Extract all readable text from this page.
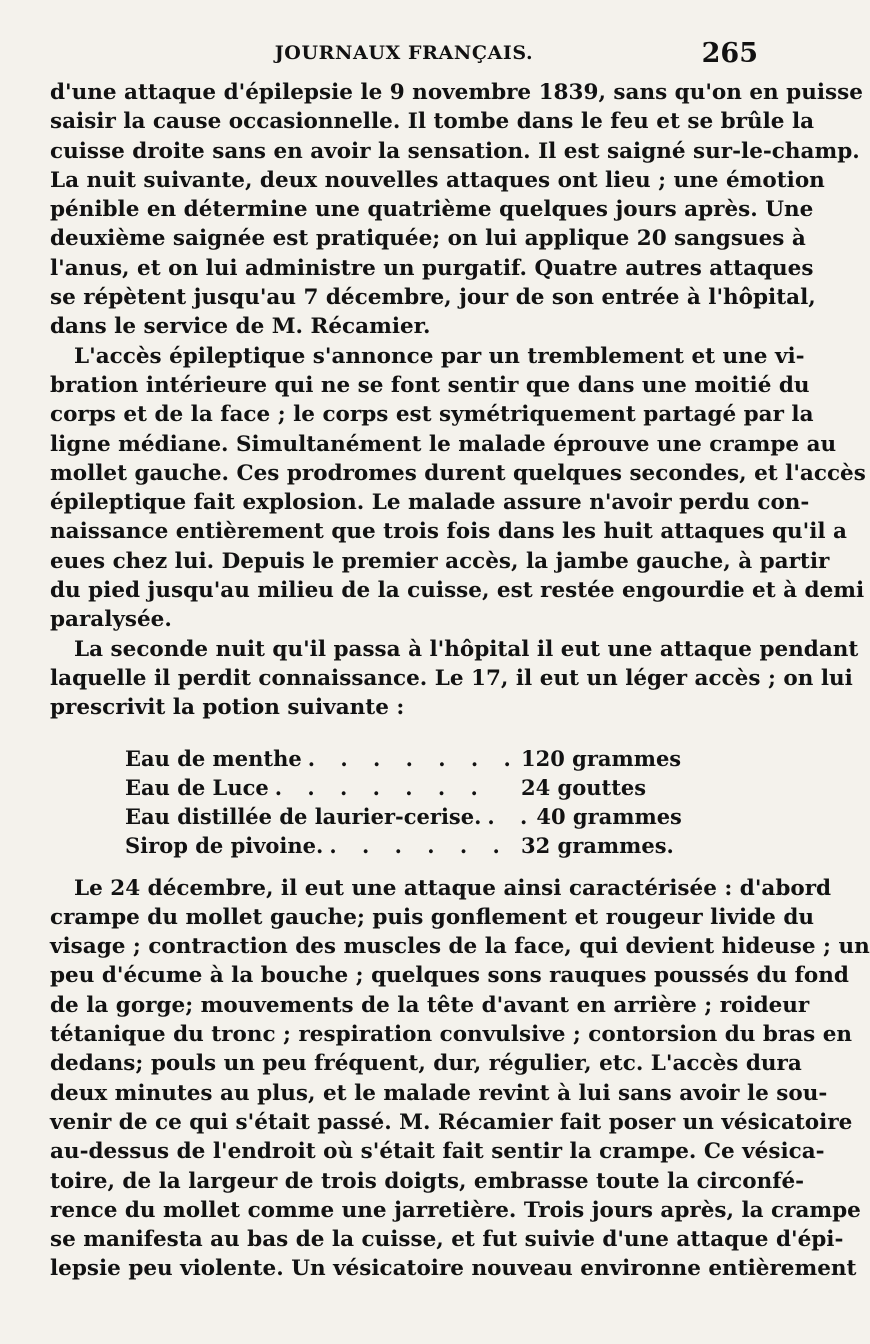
JOURNAUX FRANÇAIS.	265
d'une attaque d'épilepsie le 9 novembre 1839, sans qu'on en puisse
saisir la cause occasionnelle. Il tombe dans le feu et se brûle la
cuisse droite sans en avoir la sensation. Il est saigné sur-le-champ.
La nuit suivante, deux nouvelles attaques ont lieu ; une émotion
pénible en détermine une quatrième quelques jours après. Une
deuxième saignée est pratiquée; on lui applique 20 sangsues à
l'anus, et on lui administre un purgatif. Quatre autres attaques
se répètent jusqu'au 7 décembre, jour de son entrée à l'hôpital,
dans le service de M. Récamier.
L'accès épileptique s'annonce par un tremblement et une vi-
bration intérieure qui ne se font sentir que dans une moitié du
corps et de la face ; le corps est symétriquement partagé par la
ligne médiane. Simultanément le malade éprouve une crampe au
mollet gauche. Ces prodromes durent quelques secondes, et l'accès
épileptique fait explosion. Le malade assure n'avoir perdu con-
naissance entièrement que trois fois dans les huit attaques qu'il a
eues chez lui. Depuis le premier accès, la jambe gauche, à partir
du pied jusqu'au milieu de la cuisse, est restée engourdie et à demi
paralysée.
La seconde nuit qu'il passa à l'hôpital il eut une attaque pendant
laquelle il perdit connaissance. Le 17, il eut un léger accès ; on lui
prescrivit la potion suivante :
Eau de menthe . . . . . . . 120 grammes
Eau de Luce . . . . . . .	24 gouttes
Eau distillée de laurier-cerise. . . 40 grammes
Sirop de pivoine. . . . . . . 32 grammes.
Le 24 décembre, il eut une attaque ainsi caractérisée : d'abord
crampe du mollet gauche; puis gonflement et rougeur livide du
visage ; contraction des muscles de la face, qui devient hideuse ; un
peu d'écume à la bouche ; quelques sons rauques poussés du fond
de la gorge; mouvements de la tête d'avant en arrière ; roideur
tétanique du tronc ; respiration convulsive ; contorsion du bras en
dedans; pouls un peu fréquent, dur, régulier, etc. L'accès dura
deux minutes au plus, et le malade revint à lui sans avoir le sou-
venir de ce qui s'était passé. M. Récamier fait poser un vésicatoire
au-dessus de l'endroit où s'était fait sentir la crampe. Ce vésica-
toire, de la largeur de trois doigts, embrasse toute la circonfé-
rence du mollet comme une jarretière. Trois jours après, la crampe
se manifesta au bas de la cuisse, et fut suivie d'une attaque d'épi-
lepsie peu violente. Un vésicatoire nouveau environne entièrement
